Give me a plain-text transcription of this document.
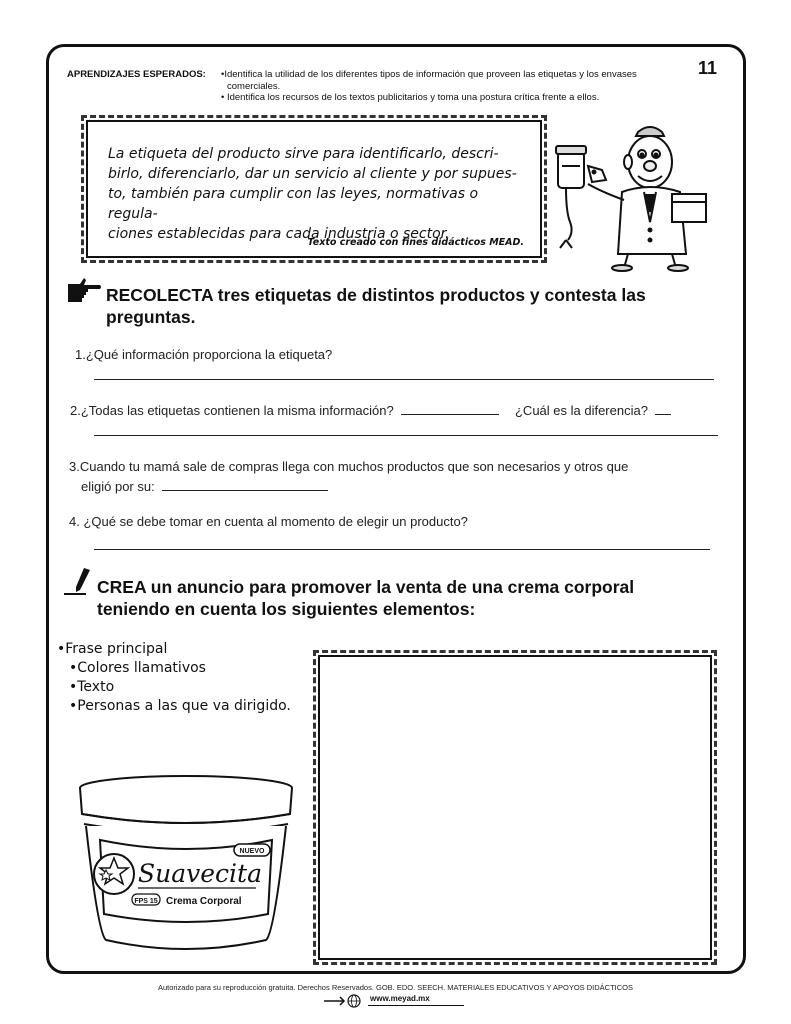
11
APRENDIZAJES ESPERADOS: •Identifica la utilidad de los diferentes tipos de información que proveen las etiquetas y los envases
comerciales.
• Identifica los recursos de los textos publicitarios y toma una postura crítica frente a ellos.

La etiqueta del producto sirve para identificarlo, descri-

birlo, diferenciarlo, dar un servicio al cliente y por supues-

to, también para cumplir con las leyes, normativas o regula-

ciones establecidas para cada industria o sector.

Texto creado con fines didácticos MEAD.
RECOLECTA tres etiquetas de distintos productos y contesta las
preguntas.
1.¿Qué información proporciona la etiqueta?
2.¿Todas las etiquetas contienen la misma información?	¿Cuál es la diferencia?
3.Cuando tu mamá sale de compras llega con muchos productos que son necesarios y otros que
eligió por su:
4. ¿Qué se debe tomar en cuenta al momento de elegir un producto?
CREA un anuncio para promover la venta de una crema corporal
teniendo en cuenta los siguientes elementos:
•Frase principal
•Colores llamativos
•Texto
•Personas a las que va dirigido.
NUEVO
Suavecita
FPS 15 Crema Corporal
Autorizado para su reproducción gratuita. Derechos Reservados. GOB. EDO. SEECH. MATERIALES EDUCATIVOS Y APOYOS DIDÁCTICOS
www.meyad.mx
